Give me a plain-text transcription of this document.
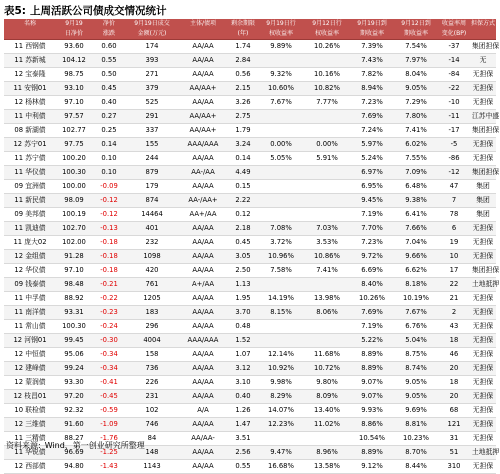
表5: 上周活跃公司债成交情况统计
名称	9月19	净价	9月19日成交	主体/债项	剩余期限	9月19日行	9月12日行	9月19日到	9月12日到	收益率周	担保方式
	日净价	涨跌	金额(万元)		(年)	权收益率	权收益率	期收益率	期收益率	变化(BP)	
11 西钢债	93.60	0.60	174	AA/AA	1.74	9.89%	10.26%	7.39%	7.54%	-37	集团担保
11 苏新城	104.12	0.55	393	AA/AA	2.84			7.43%	7.97%	-14	无
12 宝泰隆	98.75	0.50	271	AA/AA	0.56	9.32%	10.16%	7.82%	8.04%	-84	无担保
11 安钢01	93.10	0.45	379	AA/AA+	2.15	10.60%	10.82%	8.94%	9.05%	-22	无担保
12 杨林债	97.10	0.40	525	AA/AA	3.26	7.67%	7.77%	7.23%	7.29%	-10	无担保
11 中利债	97.57	0.27	291	AA/AA+	2.75			7.69%	7.80%	-11	江苏中盛
08 新湖债	102.77	0.25	337	AA/AA+	1.79			7.24%	7.41%	-17	集团担保
12 苏宁01	97.75	0.14	155	AAA/AAA	3.24	0.00%	0.00%	5.97%	6.02%	-5	无担保
11 苏宁债	100.20	0.10	244	AA/AA	0.14	5.05%	5.91%	5.24%	7.55%	-86	无担保
11 华仪债	100.30	0.10	879	AA-/AA	4.49			6.97%	7.09%	-12	集团担保
09 宜洲债	100.00	-0.09	179	AA/AA	0.15			6.95%	6.48%	47	集团
11 新民债	98.09	-0.12	874	AA-/AA+	2.22			9.45%	9.38%	7	集团
09 美邦债	100.19	-0.12	14464	AA+/AA	0.12			7.19%	6.41%	78	集团
11 凯迪债	102.70	-0.13	401	AA/AA	2.18	7.08%	7.03%	7.70%	7.66%	6	无担保
11 庞大02	102.00	-0.18	232	AA/AA	0.45	3.72%	3.53%	7.23%	7.04%	19	无担保
12 金组债	91.28	-0.18	1098	AA/AA	3.05	10.96%	10.86%	9.72%	9.66%	10	无担保
12 华仪债	97.10	-0.18	420	AA/AA	2.50	7.58%	7.41%	6.69%	6.62%	17	集团担保
09 钱泰债	98.48	-0.21	761	A+/AA	1.13			8.40%	8.18%	22	土地抵押
11 中孚债	88.92	-0.22	1205	AA/AA	1.95	14.19%	13.98%	10.26%	10.19%	21	无担保
11 南洋债	93.31	-0.23	183	AA/AA	3.70	8.15%	8.06%	7.69%	7.67%	2	无担保
11 常山债	100.30	-0.24	296	AA/AA	0.48			7.19%	6.76%	43	无担保
12 河钢01	99.45	-0.30	4004	AAA/AAA	1.52			5.22%	5.04%	18	无担保
12 中恒债	95.06	-0.34	158	AA/AA	1.07	12.14%	11.68%	8.89%	8.75%	46	无担保
12 建峰债	99.24	-0.34	736	AA/AA	3.12	10.92%	10.72%	8.89%	8.74%	20	无担保
12 蒙润债	93.30	-0.41	226	AA/AA	3.10	9.98%	9.80%	9.07%	9.05%	18	无担保
12 枝昌01	97.20	-0.45	231	AA/AA	0.40	8.29%	8.09%	9.07%	9.05%	20	无担保
10 联检债	92.32	-0.59	102	A/A	1.26	14.07%	13.40%	9.93%	9.69%	68	无担保
12 三维债	91.60	-1.09	746	AA/AA	1.47	12.23%	11.02%	8.86%	8.81%	121	无担保
11 三精债	88.27	-1.76	84	AA/AA-	3.51			10.54%	10.23%	31	无担保
11 华锐债	96.69	-1.25	148	AA/AA	2.56	9.47%	8.96%	8.89%	8.70%	51	土地抵押
12 西部债	94.80	-1.43	1143	AA/AA	0.55	16.68%	13.58%	9.12%	8.44%	310	无担保
资料来源: Wind、第一创业研究所整理
